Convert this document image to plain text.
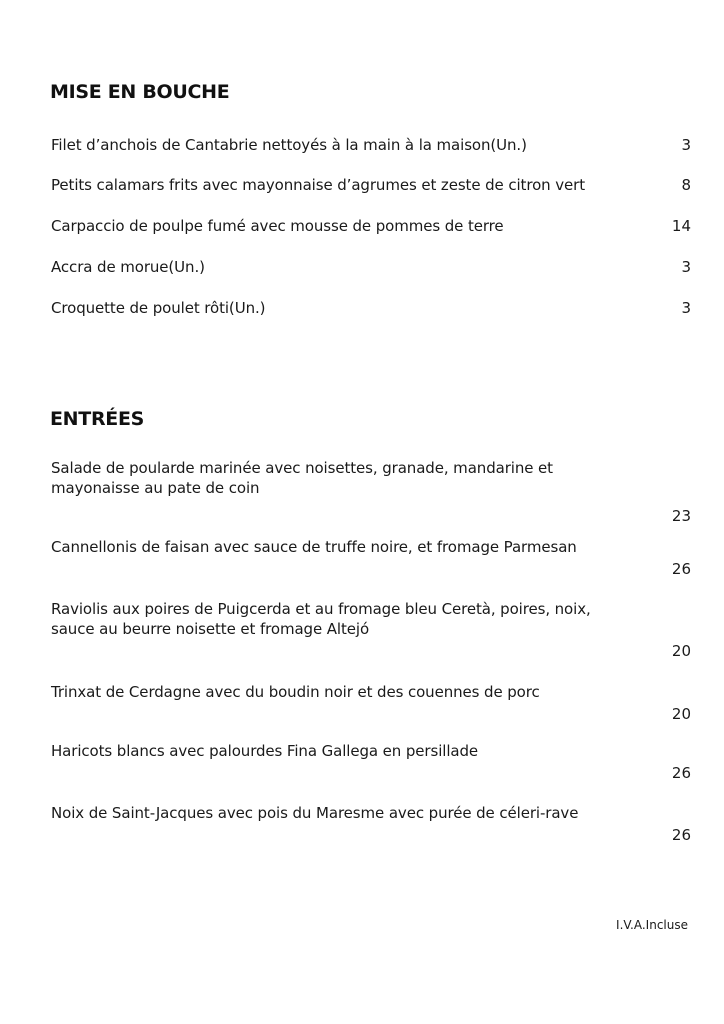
MISE EN BOUCHE
Filet d’anchois de Cantabrie nettoyés à la main à la maison(Un.)	3
Petits calamars frits avec mayonnaise d’agrumes et zeste de citron vert	8
Carpaccio de poulpe fumé avec mousse de pommes de terre	14
Accra de morue(Un.)	3
Croquette de poulet rôti(Un.)	3
ENTRÉES
Salade de poularde marinée avec noisettes, granade, mandarine et
mayonaisse au pate de coin
23
Cannellonis de faisan avec sauce de truffe noire, et fromage Parmesan
26
Raviolis aux poires de Puigcerda et au fromage bleu Ceretà, poires, noix,
sauce au beurre noisette et fromage Altejó
20
Trinxat de Cerdagne avec du boudin noir et des couennes de porc
20
Haricots blancs avec palourdes Fina Gallega en persillade
26
Noix de Saint-Jacques avec pois du Maresme avec purée de céleri-rave
26
I.V.A.Incluse
